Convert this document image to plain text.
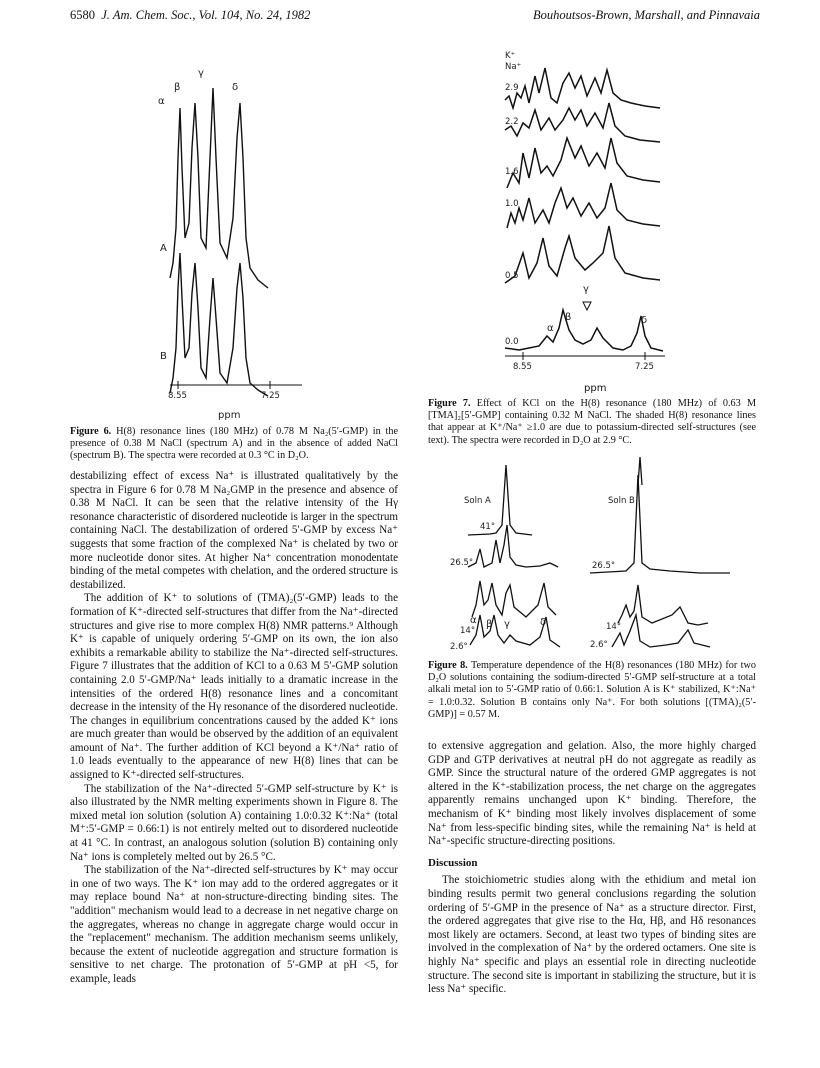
6580 J. Am. Chem. Soc., Vol. 104, No. 24, 1982	Bouhoutsos-Brown, Marshall, and Pinnavaia
γ
β	δ
α
A
B
8.55	7.25
ppm
Figure 6. H(8) resonance lines (180 MHz) of 0.78 M Na₂(5′-GMP) in the presence of 0.38 M NaCl (spectrum A) and in the absence of added NaCl (spectrum B). The spectra were recorded at 0.3 °C in D₂O.
K⁺
Na⁺
2.9
2.2
1.6
1.0
0.5
γ
β
α
δ
0.0
8.55	7.25
ppm
Figure 7. Effect of KCl on the H(8) resonance (180 MHz) of 0.63 M [TMA]₂[5′-GMP] containing 0.32 M NaCl. The shaded H(8) resonance lines that appear at K⁺/Na⁺ ≥1.0 are due to potassium-directed self-structures (see text). The spectra were recorded in D₂O at 2.9 °C.
Soln A
41°
26.5°
14°
α β γ	δ
2.6°
Soln B
26.5°
14°
2.6°
Figure 8. Temperature dependence of the H(8) resonances (180 MHz) for two D₂O solutions containing the sodium-directed 5′-GMP self-structure at a total alkali metal ion to 5′-GMP ratio of 0.66:1. Solution A is K⁺ stabilized, K⁺:Na⁺ = 1.0:0.32. Solution B contains only Na⁺. For both solutions [(TMA)₂(5′-GMP)] = 0.57 M.

destabilizing effect of excess Na⁺ is illustrated qualitatively by the spectra in Figure 6 for 0.78 M Na₂GMP in the presence and absence of 0.38 M NaCl. It can be seen that the relative intensity of the Hγ resonance characteristic of disordered nucleotide is larger in the spectrum containing NaCl. The destabilization of ordered 5′-GMP by excess Na⁺ suggests that some fraction of the complexed Na⁺ is chelated by two or more nucleotide donor sites. At higher Na⁺ concentration monodentate binding of the metal competes with chelation, and the ordered structure is destabilized.

The addition of K⁺ to solutions of (TMA)₂(5′-GMP) leads to the formation of K⁺-directed self-structures that differ from the Na⁺-directed structures and give rise to more complex H(8) NMR patterns.⁹ Although K⁺ is capable of uniquely ordering 5′-GMP on its own, the ion also exhibits a remarkable ability to stabilize the Na⁺-directed self-structures. Figure 7 illustrates that the addition of KCl to a 0.63 M 5′-GMP solution containing 2.0 5′-GMP/Na⁺ leads initially to a dramatic increase in the intensities of the ordered H(8) resonance lines and a concomitant decrease in the intensity of the Hγ resonance of the disordered nucleotide. The changes in equilibrium concentrations caused by the added K⁺ ions are much greater than would be observed by the addition of an equivalent amount of Na⁺. The further addition of KCl beyond a K⁺/Na⁺ ratio of 1.0 leads eventually to the appearance of new H(8) lines that can be assigned to K⁺-directed self-structures.

The stabilization of the Na⁺-directed 5′-GMP self-structure by K⁺ is also illustrated by the NMR melting experiments shown in Figure 8. The mixed metal ion solution (solution A) containing 1.0:0.32 K⁺:Na⁺ (total M⁺:5′-GMP = 0.66:1) is not entirely melted out to disordered nucleotide at 41 °C. In contrast, an analogous solution (solution B) containing only Na⁺ ions is completely melted out by 26.5 °C.

The stabilization of the Na⁺-directed self-structures by K⁺ may occur in one of two ways. The K⁺ ion may add to the ordered aggregates or it may replace bound Na⁺ at non-structure-directing binding sites. The "addition" mechanism would lead to a decrease in net negative charge on the aggregates, whereas no change in aggregate charge would occur in the "replacement" mechanism. The addition mechanism seems unlikely, because the extent of nucleotide aggregation and structure formation is sensitive to net charge. The protonation of 5′-GMP at pH <5, for example, leads

to extensive aggregation and gelation. Also, the more highly charged GDP and GTP derivatives at neutral pH do not aggregate as readily as GMP. Since the structural nature of the ordered GMP aggregates is not altered in the K⁺-stabilization process, the net charge on the aggregates apparently remains unchanged upon K⁺ binding. Therefore, the mechanism of K⁺ binding most likely involves displacement of some Na⁺ from less-specific binding sites, while the remaining Na⁺ is held at Na⁺-specific structure-directing positions.

Discussion

The stoichiometric studies along with the ethidium and metal ion binding results permit two general conclusions regarding the solution ordering of 5′-GMP in the presence of Na⁺ as a structure director. First, the ordered aggregates that give rise to the Hα, Hβ, and Hδ resonances most likely are octamers. Second, at least two types of binding sites are involved in the complexation of Na⁺ by the ordered octamers. One site is highly Na⁺ specific and plays an essential role in directing nucleotide structure. The second site is important in stabilizing the structure, but it is less Na⁺ specific.
